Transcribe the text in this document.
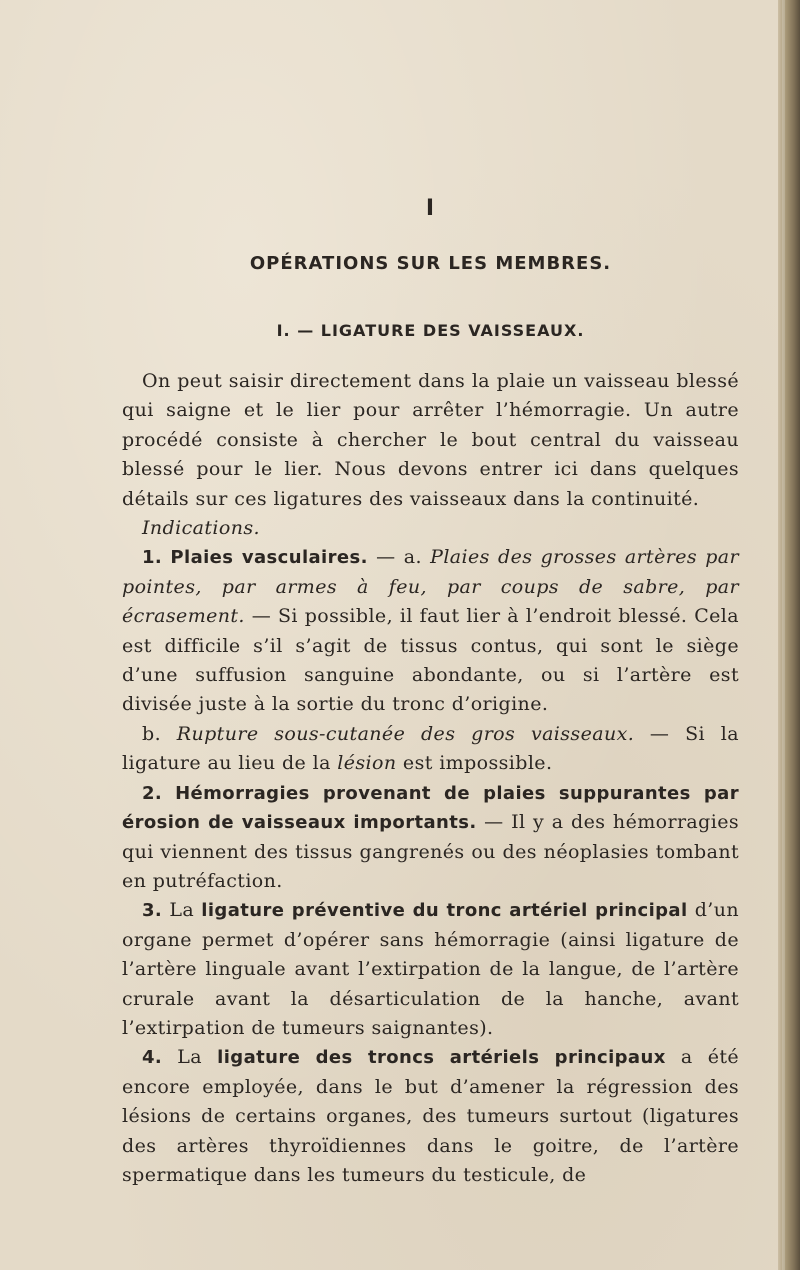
I
OPÉRATIONS SUR LES MEMBRES.
I. — LIGATURE DES VAISSEAUX.

On peut saisir directement dans la plaie un vaisseau blessé qui saigne et le lier pour arrêter l’hémorragie. Un autre procédé consiste à chercher le bout central du vaisseau blessé pour le lier. Nous devons entrer ici dans quelques détails sur ces ligatures des vaisseaux dans la continuité.

Indications.

1. Plaies vasculaires. — a. Plaies des grosses artères par pointes, par armes à feu, par coups de sabre, par écrasement. — Si possible, il faut lier à l’endroit blessé. Cela est difficile s’il s’agit de tissus contus, qui sont le siège d’une suffusion sanguine abondante, ou si l’artère est divisée juste à la sortie du tronc d’origine.

b. Rupture sous-cutanée des gros vaisseaux. — Si la ligature au lieu de la lésion est impossible.

2. Hémorragies provenant de plaies suppurantes par érosion de vaisseaux importants. — Il y a des hémorragies qui viennent des tissus gangrenés ou des néoplasies tombant en putréfaction.

3. La ligature préventive du tronc artériel principal d’un organe permet d’opérer sans hémorragie (ainsi ligature de l’artère linguale avant l’extirpation de la langue, de l’artère crurale avant la désarticulation de la hanche, avant l’extirpation de tumeurs saignantes).

4. La ligature des troncs artériels principaux a été encore employée, dans le but d’amener la régression des lésions de certains organes, des tumeurs surtout (ligatures des artères thyroïdiennes dans le goitre, de l’artère spermatique dans les tumeurs du testicule, de
